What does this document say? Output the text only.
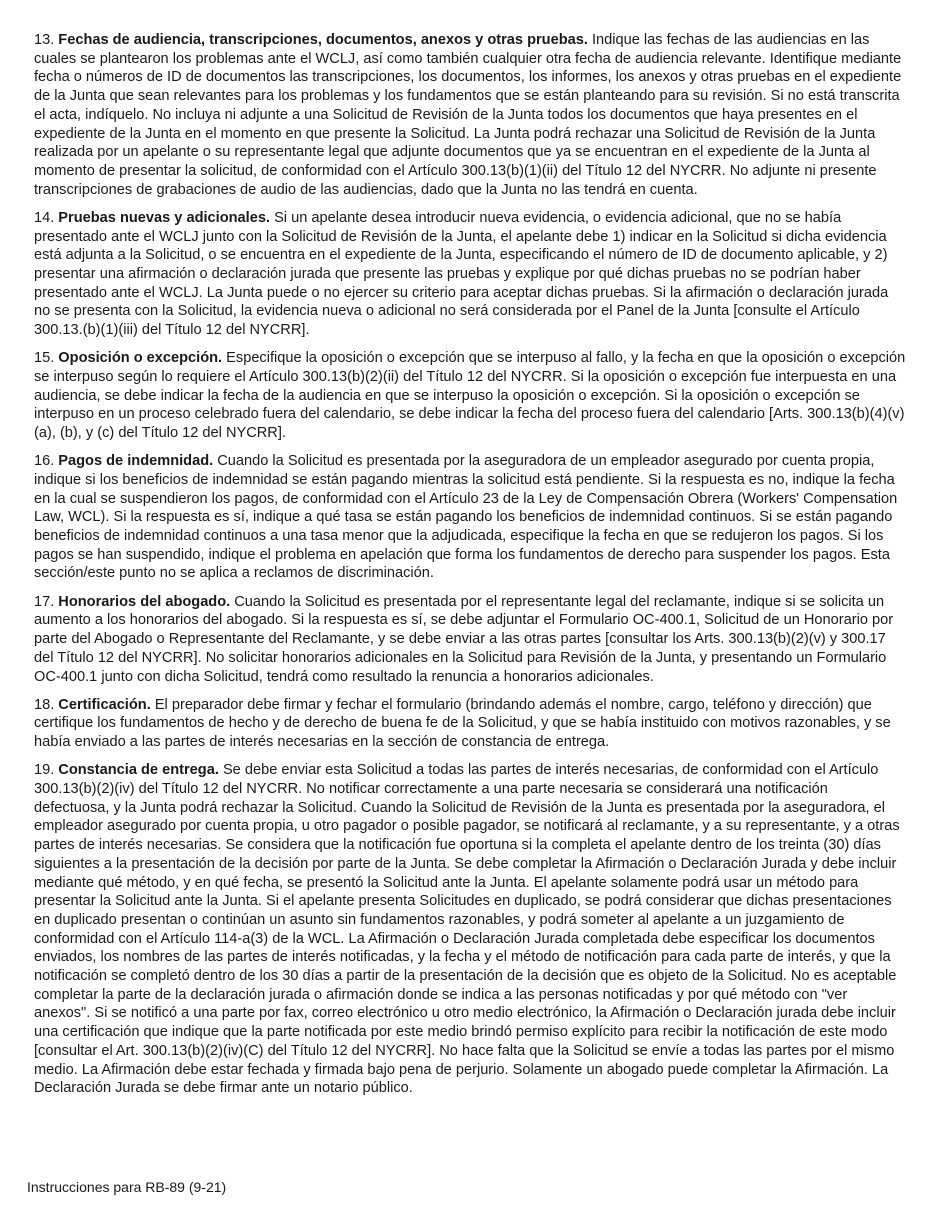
13. Fechas de audiencia, transcripciones, documentos, anexos y otras pruebas. Indique las fechas de las audiencias en las cuales se plantearon los problemas ante el WCLJ, así como también cualquier otra fecha de audiencia relevante. Identifique mediante fecha o números de ID de documentos las transcripciones, los documentos, los informes, los anexos y otras pruebas en el expediente de la Junta que sean relevantes para los problemas y los fundamentos que se están planteando para su revisión. Si no está transcrita el acta, indíquelo. No incluya ni adjunte a una Solicitud de Revisión de la Junta todos los documentos que haya presentes en el expediente de la Junta en el momento en que presente la Solicitud. La Junta podrá rechazar una Solicitud de Revisión de la Junta realizada por un apelante o su representante legal que adjunte documentos que ya se encuentran en el expediente de la Junta al momento de presentar la solicitud, de conformidad con el Artículo 300.13(b)(1)(ii) del Título 12 del NYCRR. No adjunte ni presente transcripciones de grabaciones de audio de las audiencias, dado que la Junta no las tendrá en cuenta.

14. Pruebas nuevas y adicionales. Si un apelante desea introducir nueva evidencia, o evidencia adicional, que no se había presentado ante el WCLJ junto con la Solicitud de Revisión de la Junta, el apelante debe 1) indicar en la Solicitud si dicha evidencia está adjunta a la Solicitud, o se encuentra en el expediente de la Junta, especificando el número de ID de documento aplicable, y 2) presentar una afirmación o declaración jurada que presente las pruebas y explique por qué dichas pruebas no se podrían haber presentado ante el WCLJ. La Junta puede o no ejercer su criterio para aceptar dichas pruebas. Si la afirmación o declaración jurada no se presenta con la Solicitud, la evidencia nueva o adicional no será considerada por el Panel de la Junta [consulte el Artículo 300.13.(b)(1)(iii) del Título 12 del NYCRR].

15. Oposición o excepción. Especifique la oposición o excepción que se interpuso al fallo, y la fecha en que la oposición o excepción se interpuso según lo requiere el Artículo 300.13(b)(2)(ii) del Título 12 del NYCRR. Si la oposición o excepción fue interpuesta en una audiencia, se debe indicar la fecha de la audiencia en que se interpuso la oposición o excepción. Si la oposición o excepción se interpuso en un proceso celebrado fuera del calendario, se debe indicar la fecha del proceso fuera del calendario [Arts. 300.13(b)(4)(v)(a), (b), y (c) del Título 12 del NYCRR].

16. Pagos de indemnidad. Cuando la Solicitud es presentada por la aseguradora de un empleador asegurado por cuenta propia, indique si los beneficios de indemnidad se están pagando mientras la solicitud está pendiente. Si la respuesta es no, indique la fecha en la cual se suspendieron los pagos, de conformidad con el Artículo 23 de la Ley de Compensación Obrera (Workers' Compensation Law, WCL). Si la respuesta es sí, indique a qué tasa se están pagando los beneficios de indemnidad continuos. Si se están pagando beneficios de indemnidad continuos a una tasa menor que la adjudicada, especifique la fecha en que se redujeron los pagos. Si los pagos se han suspendido, indique el problema en apelación que forma los fundamentos de derecho para suspender los pagos. Esta sección/este punto no se aplica a reclamos de discriminación.

17. Honorarios del abogado. Cuando la Solicitud es presentada por el representante legal del reclamante, indique si se solicita un aumento a los honorarios del abogado. Si la respuesta es sí, se debe adjuntar el Formulario OC-400.1, Solicitud de un Honorario por parte del Abogado o Representante del Reclamante, y se debe enviar a las otras partes [consultar los Arts. 300.13(b)(2)(v) y 300.17 del Título 12 del NYCRR]. No solicitar honorarios adicionales en la Solicitud para Revisión de la Junta, y presentando un Formulario OC-400.1 junto con dicha Solicitud, tendrá como resultado la renuncia a honorarios adicionales.

18. Certificación. El preparador debe firmar y fechar el formulario (brindando además el nombre, cargo, teléfono y dirección) que certifique los fundamentos de hecho y de derecho de buena fe de la Solicitud, y que se había instituido con motivos razonables, y se había enviado a las partes de interés necesarias en la sección de constancia de entrega.

19. Constancia de entrega. Se debe enviar esta Solicitud a todas las partes de interés necesarias, de conformidad con el Artículo 300.13(b)(2)(iv) del Título 12 del NYCRR. No notificar correctamente a una parte necesaria se considerará una notificación defectuosa, y la Junta podrá rechazar la Solicitud. Cuando la Solicitud de Revisión de la Junta es presentada por la aseguradora, el empleador asegurado por cuenta propia, u otro pagador o posible pagador, se notificará al reclamante, y a su representante, y a otras partes de interés necesarias. Se considera que la notificación fue oportuna si la completa el apelante dentro de los treinta (30) días siguientes a la presentación de la decisión por parte de la Junta. Se debe completar la Afirmación o Declaración Jurada y debe incluir mediante qué método, y en qué fecha, se presentó la Solicitud ante la Junta. El apelante solamente podrá usar un método para presentar la Solicitud ante la Junta. Si el apelante presenta Solicitudes en duplicado, se podrá considerar que dichas presentaciones en duplicado presentan o continúan un asunto sin fundamentos razonables, y podrá someter al apelante a un juzgamiento de conformidad con el Artículo 114-a(3) de la WCL. La Afirmación o Declaración Jurada completada debe especificar los documentos enviados, los nombres de las partes de interés notificadas, y la fecha y el método de notificación para cada parte de interés, y que la notificación se completó dentro de los 30 días a partir de la presentación de la decisión que es objeto de la Solicitud. No es aceptable completar la parte de la declaración jurada o afirmación donde se indica a las personas notificadas y por qué método con "ver anexos". Si se notificó a una parte por fax, correo electrónico u otro medio electrónico, la Afirmación o Declaración jurada debe incluir una certificación que indique que la parte notificada por este medio brindó permiso explícito para recibir la notificación de este modo [consultar el Art. 300.13(b)(2)(iv)(C) del Título 12 del NYCRR]. No hace falta que la Solicitud se envíe a todas las partes por el mismo medio. La Afirmación debe estar fechada y firmada bajo pena de perjurio. Solamente un abogado puede completar la Afirmación. La Declaración Jurada se debe firmar ante un notario público.

Instrucciones para RB-89 (9-21)
